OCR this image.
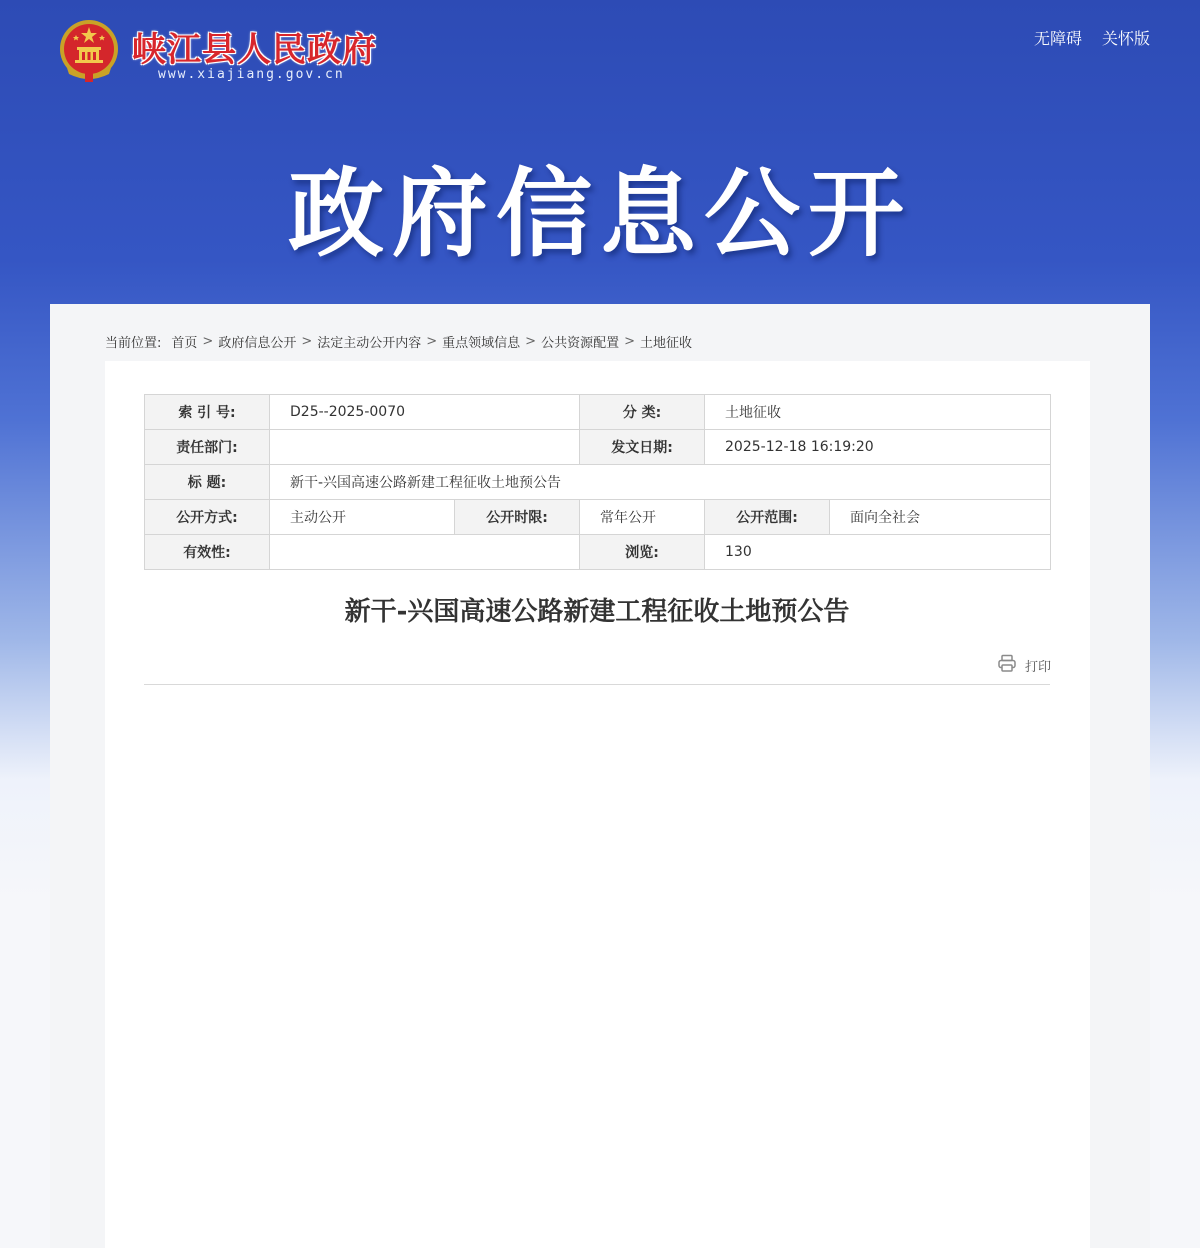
峡江县人民政府
www.xiajiang.gov.cn
无障碍 关怀版
政府信息公开
当前位置: 首页 > 政府信息公开 > 法定主动公开内容 > 重点领域信息 > 公共资源配置 > 土地征收
索 引 号:	D25--2025-0070		分 类:	土地征收	
责任部门:			发文日期:	2025-12-18 16:19:20	
标 题:	新干-兴国高速公路新建工程征收土地预公告				
公开方式:	主动公开	公开时限:	常年公开	公开范围:	面向全社会
有效性:			浏览:	130	
新干-兴国高速公路新建工程征收土地预公告
打印
